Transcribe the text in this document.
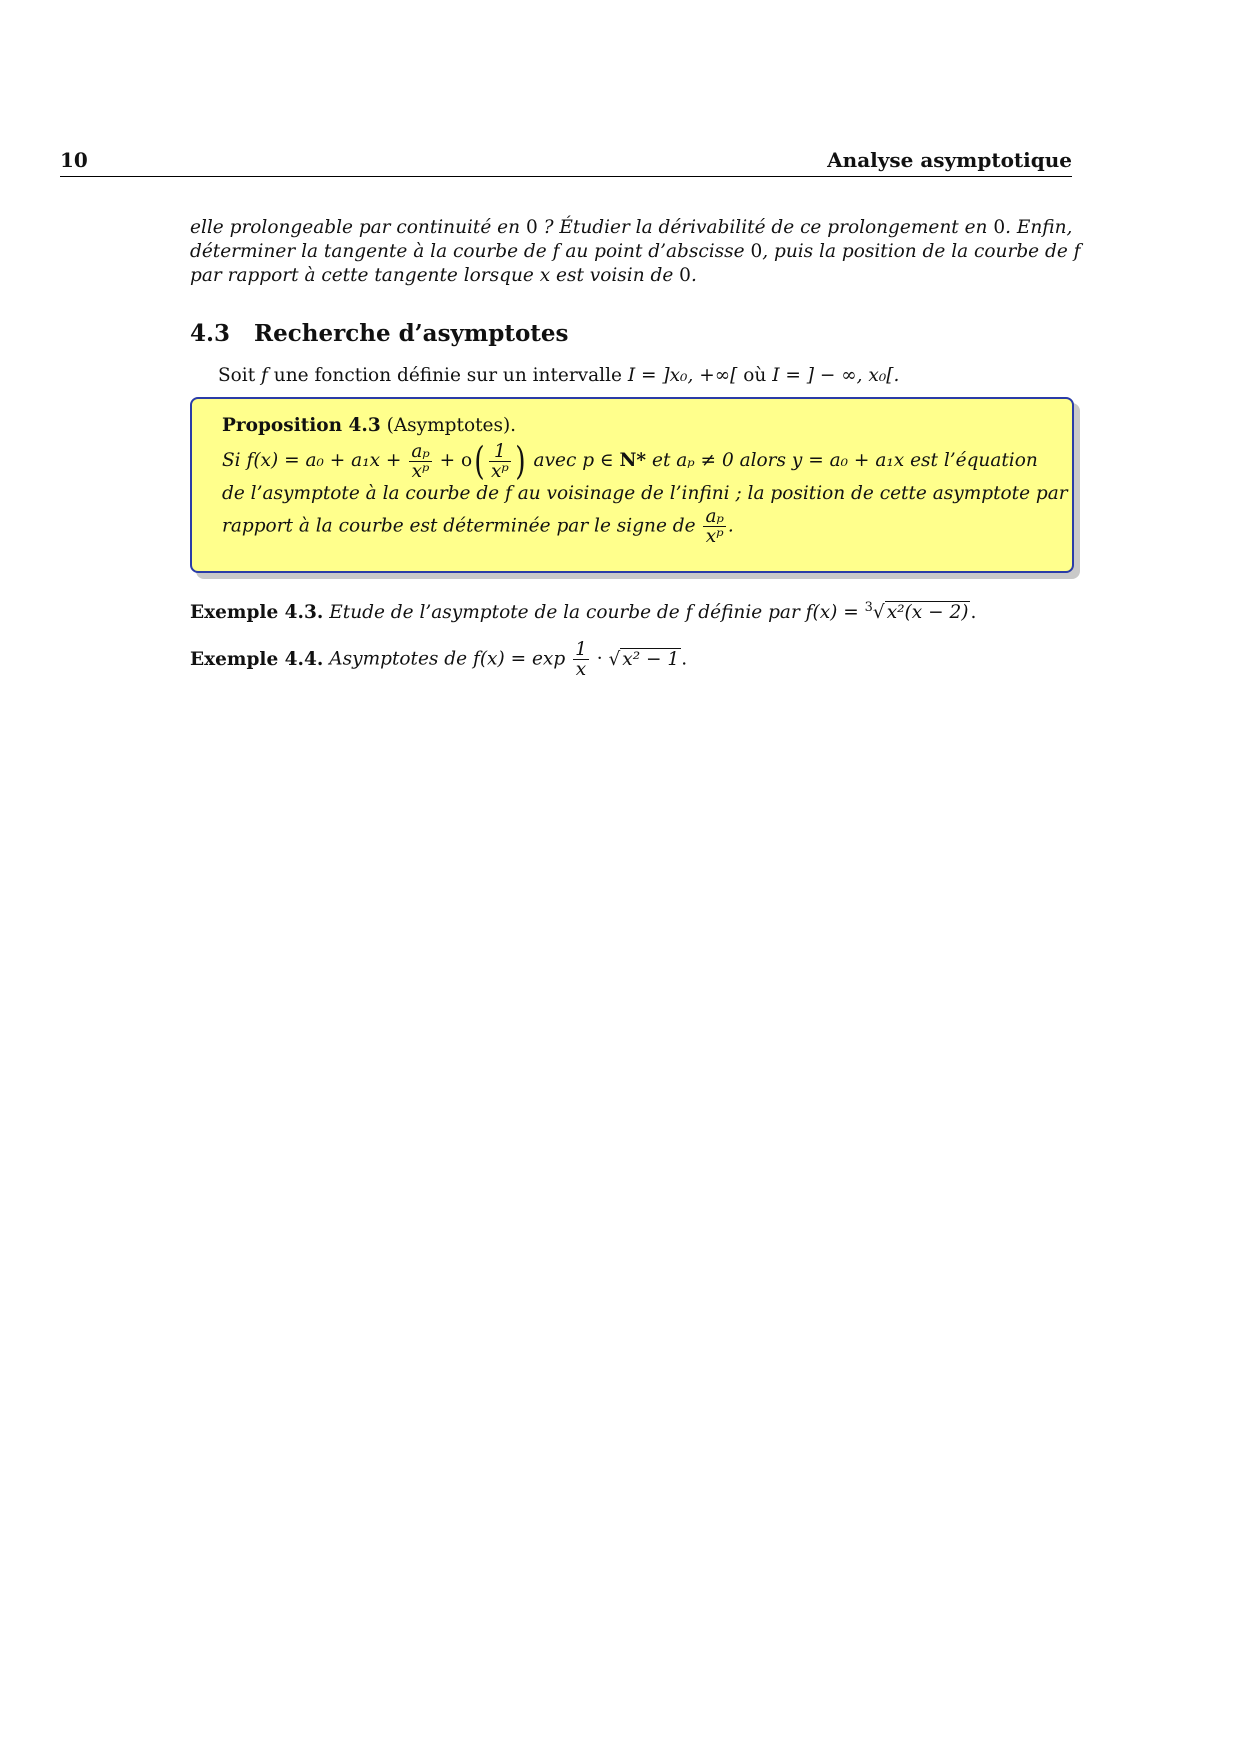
10	Analyse asymptotique
elle prolongeable par continuité en 0 ? Étudier la dérivabilité de ce prolongement en 0. Enfin,
déterminer la tangente à la courbe de f au point d’abscisse 0, puis la position de la courbe de f
par rapport à cette tangente lorsque x est voisin de 0.
4.3 Recherche d’asymptotes
Soit f une fonction définie sur un intervalle I = ]x₀, +∞[ où I = ] − ∞, x₀[.
Proposition 4.3 (Asymptotes).
Si $f(x) = a_0 + a_1x + \frac{\text{aₚ}}{\text{xᵖ}} + o( \frac{1}{\text{xᵖ}}$ ) avec p ∈ N* et aₚ ≠ 0 alors y = a₀ + a₁x est l’équation
de l’asymptote à la courbe de f au voisinage de l’infini ; la position de cette asymptote par
rapport à la courbe est déterminée par le signe de $\frac{\text{aₚ}}{\text{xᵖ}}$ .
Exemple 4.3. Etude de l’asymptote de la courbe de f définie par f(x) = $^3$√ x²(x − 2) .
Exemple 4.4. Asymptotes de $f(x) = \exp \frac{1}{x}$ · √ x² − 1 .
